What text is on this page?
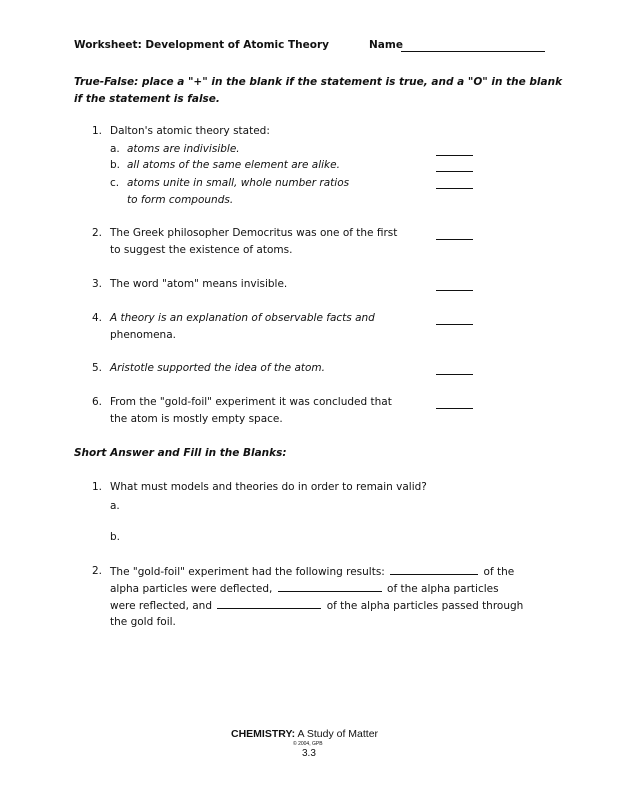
Worksheet: Development of Atomic Theory	Name
True-False: place a "+" in the blank if the statement is true, and a "O" in the blank
if the statement is false.
1. Dalton's atomic theory stated:
a. atoms are indivisible.
b. all atoms of the same element are alike.
c. atoms unite in small, whole number ratios
to form compounds.
2. The Greek philosopher Democritus was one of the first
to suggest the existence of atoms.
3. The word "atom" means invisible.
4. A theory is an explanation of observable facts and
phenomena.
5. Aristotle supported the idea of the atom.
6. From the "gold-foil" experiment it was concluded that
the atom is mostly empty space.
Short Answer and Fill in the Blanks:
1. What must models and theories do in order to remain valid?
a.
b.
2. The "gold-foil" experiment had the following results:	of the
alpha particles were deflected,	of the alpha particles
were reflected, and	of the alpha particles passed through
the gold foil.
CHEMISTRY: A Study of Matter
© 2004, GPB
3.3
